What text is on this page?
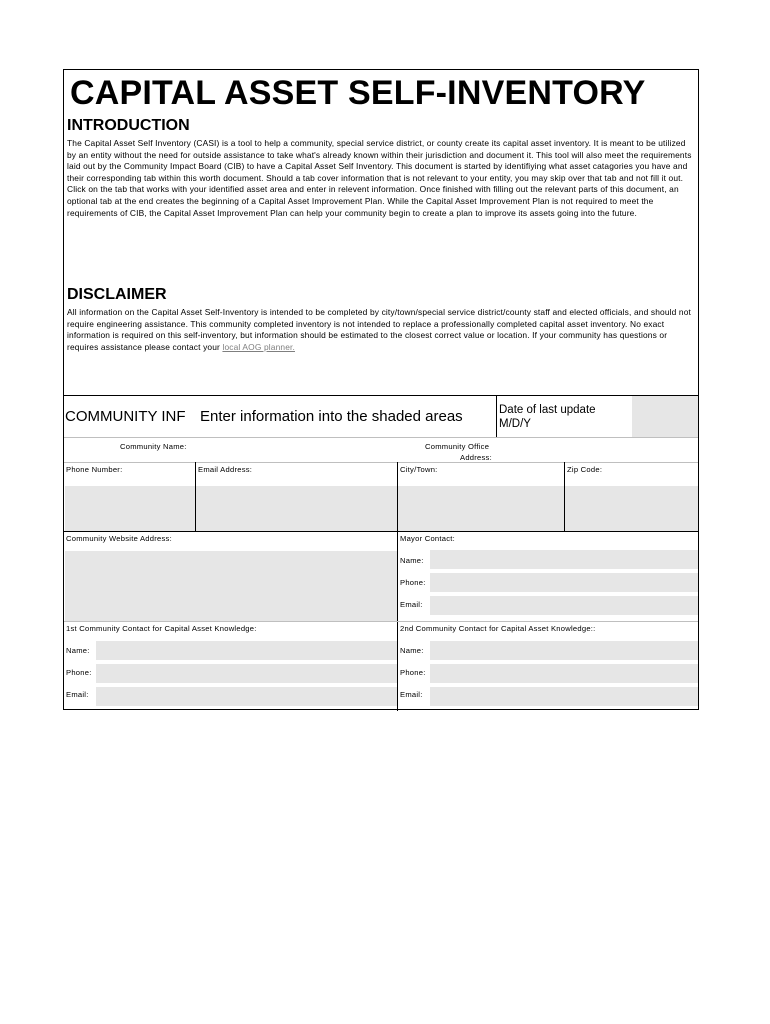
CAPITAL ASSET SELF-INVENTORY
INTRODUCTION
The Capital Asset Self Inventory (CASI) is a tool to help a community, special service district, or county create its capital asset inventory. It is meant to be utilized by an entity without the need for outside assistance to take what's already known within their jurisdiction and document it. This tool will also meet the requirements laid out by the Community Impact Board (CIB) to have a Capital Asset Self Inventory. This document is started by identifiying what asset catagories you have and their corresponding tab within this worth document. Should a tab cover information that is not relevant to your entity, you may skip over that tab and not fill it out. Click on the tab that works with your identified asset area and enter in relevent information. Once finished with filling out the relevant parts of this document, an optional tab at the end creates the beginning of a Capital Asset Improvement Plan. While the Capital Asset Improvement Plan is not required to meet the requirements of CIB, the Capital Asset Improvement Plan can help your community begin to create a plan to improve its assets going into the future.
DISCLAIMER
All information on the Capital Asset Self-Inventory is intended to be completed by city/town/special service district/county staff and elected officials, and should not require engineering assistance. This community completed inventory is not intended to replace a professionally completed capital asset inventory. No exact information is required on this self-inventory, but information should be estimated to the closest correct value or location. If your community has questions or requires assistance please contact your local AOG planner.
COMMUNITY INF Enter information into the shaded areas	Date of last update
M/D/Y
Community Name:	Community Office
Address:
Phone Number:	Email Address:	City/Town:	Zip Code:
Community Website Address:	Mayor Contact:
Name:
Phone:
Email:
1st Community Contact for Capital Asset Knowledge:	2nd Community Contact for Capital Asset Knowledge::
Name:	Name:
Phone:	Phone:
Email:	Email:
